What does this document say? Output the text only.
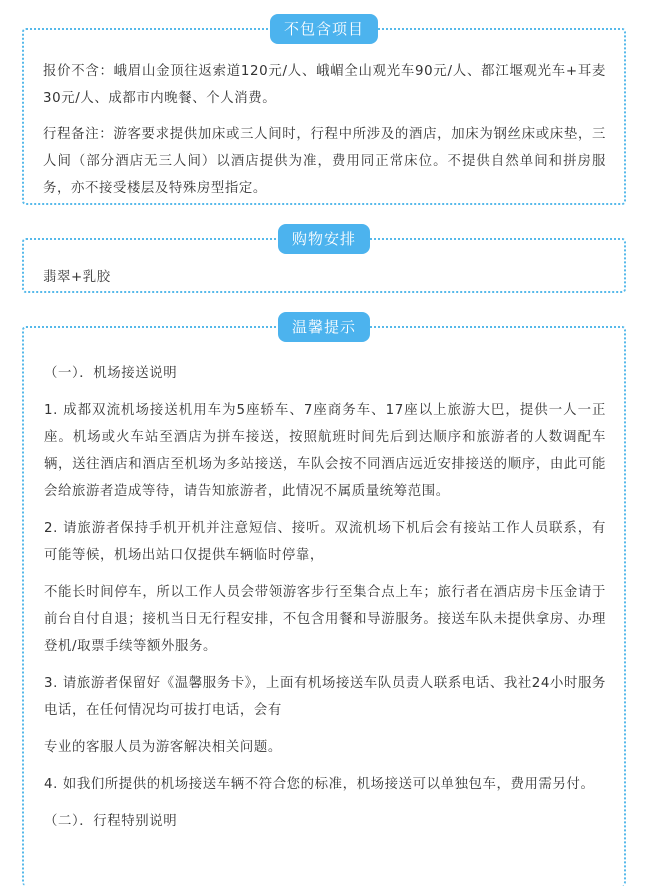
不包含项目

报价不含：峨眉山金顶往返索道120元/人、峨嵋全山观光车90元/人、都江堰观光车+耳麦30元/人、成都市内晚餐、个人消费。

行程备注：游客要求提供加床或三人间时，行程中所涉及的酒店，加床为钢丝床或床垫，三人间（部分酒店无三人间）以酒店提供为准，费用同正常床位。不提供自然单间和拼房服务，亦不接受楼层及特殊房型指定。

购物安排

翡翠+乳胶

温馨提示

（一）．机场接送说明

1. 成都双流机场接送机用车为5座轿车、7座商务车、17座以上旅游大巴，提供一人一正座。机场或火车站至酒店为拼车接送，按照航班时间先后到达顺序和旅游者的人数调配车辆，送往酒店和酒店至机场为多站接送，车队会按不同酒店远近安排接送的顺序，由此可能会给旅游者造成等待，请告知旅游者，此情况不属质量统筹范围。

2. 请旅游者保持手机开机并注意短信、接听。双流机场下机后会有接站工作人员联系，有可能等候，机场出站口仅提供车辆临时停靠，

不能长时间停车，所以工作人员会带领游客步行至集合点上车；旅行者在酒店房卡压金请于前台自付自退；接机当日无行程安排，不包含用餐和导游服务。接送车队未提供拿房、办理登机/取票手续等额外服务。

3. 请旅游者保留好《温馨服务卡》，上面有机场接送车队员责人联系电话、我社24小时服务电话，在任何情况均可拔打电话，会有

专业的客服人员为游客解决相关问题。

4. 如我们所提供的机场接送车辆不符合您的标准，机场接送可以单独包车，费用需另付。

（二）．行程特别说明
